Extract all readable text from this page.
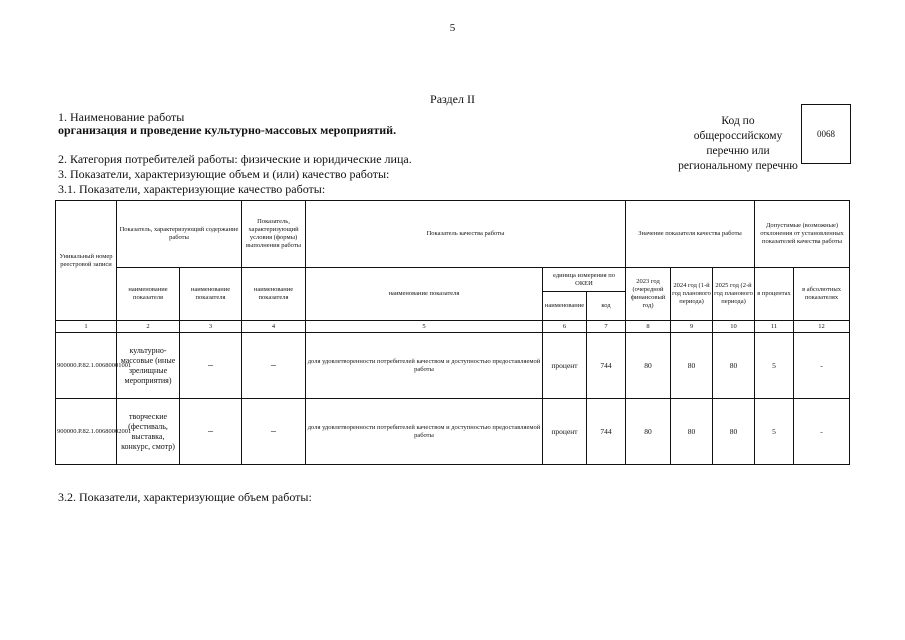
5
Раздел II
1. Наименование работы
организация и проведение культурно-массовых мероприятий.
2. Категория потребителей работы: физические и юридические лица.
3. Показатели, характеризующие объем и (или) качество работы:
3.1. Показатели, характеризующие качество работы:
Код по общероссийскому перечню или региональному перечню
0068
Уникальный номер реестровой записи	Показатель, характеризующий содержание работы		Показатель, характеризующий условия (формы) выполнения работы	Показатель качества работы			Значение показателя качества работы			Допустимые (возможные) отклонения от установленных показателей качества работы	
	наименование показателя	наименование показателя	наименование показателя	наименование показателя	единица измерения по ОКЕИ		2023 год (очередной финансовый год)	2024 год (1-й год планового периода)	2025 год (2-й год планового периода)	в процентах	в абсолютных показателях
					наименование	код					
1	2	3	4	5	6	7	8	9	10	11	12
900000.Р.82.1.00680001001	культурно-массовые (иные зрелищные мероприятия)	–	–	доля удовлетворенности потребителей качеством и доступностью предоставляемой работы	процент	744	80	80	80	5	-
900000.Р.82.1.00680002001	творческие (фестиваль, выставка, конкурс, смотр)	–	–	доля удовлетворенности потребителей качеством и доступностью предоставляемой работы	процент	744	80	80	80	5	-
3.2. Показатели, характеризующие объем работы:
